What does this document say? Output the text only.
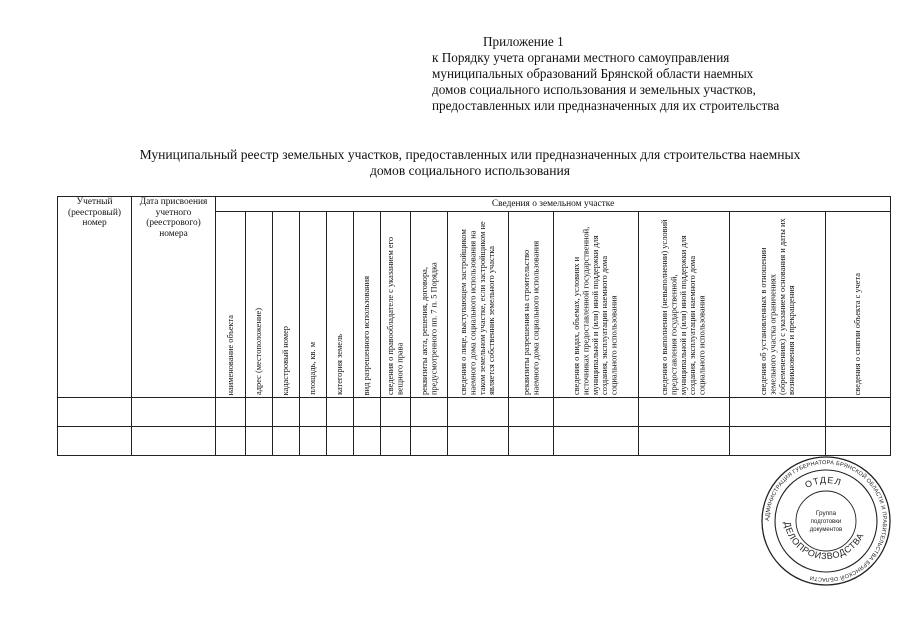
Приложение 1
к Порядку учета органами местного самоуправления
муниципальных образований Брянской области наемных
домов социального использования и земельных участков,
предоставленных или предназначенных для их строительства
Муниципальный реестр земельных участков, предоставленных или предназначенных для строительства наемных
домов социального использования
Учетный (реестровый) номер	Дата присвоения учетного (реестрового) номера	Сведения о земельном участке													

		наименование объекта	адрес (местоположение)	кадастровый номер	площадь, кв. м	категория земель	вид разрешенного использования	сведения о правообладателе с указанием его вещного права	реквизиты акта, решения, договора, предусмотренного пп. 7 п. 5 Порядка	сведения о лице, выступающем застройщиком наемного дома социального использования на таком земельном участке, если застройщиком не является собственник земельного участка	реквизиты разрешения на строительство наемного дома социального использования	сведения о видах, объемах, условиях и источниках предоставленной государственной, муниципальной и (или) иной поддержки для создания, эксплуатации наемного дома социального использования	сведения о выполнении (невыполнении) условий предоставления государственной, муниципальной и (или) иной поддержки для создания, эксплуатации наемного дома социального использования	сведения об установленных в отношении земельного участка ограничениях (обременениях) с указанием основания и даты их возникновения и прекращения	сведения о снятии объекта с учета

АДМИНИСТРАЦИЯ ГУБЕРНАТОРА БРЯНСКОЙ ОБЛАСТИ И ПРАВИТЕЛЬСТВА БРЯНСКОЙ ОБЛАСТИ
ОТДЕЛ
ДЕЛОПРОИЗВОДСТВА
Группа
подготовки
документов
